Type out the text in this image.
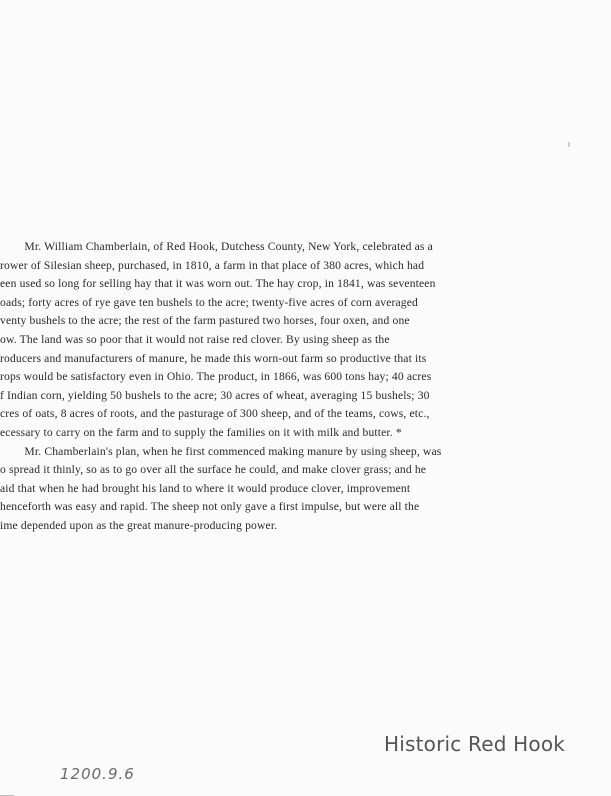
Mr. William Chamberlain, of Red Hook, Dutchess County, New York, celebrated as a
rower of Silesian sheep, purchased, in 1810, a farm in that place of 380 acres, which had
een used so long for selling hay that it was worn out. The hay crop, in 1841, was seventeen
oads; forty acres of rye gave ten bushels to the acre; twenty-five acres of corn averaged
venty bushels to the acre; the rest of the farm pastured two horses, four oxen, and one
ow. The land was so poor that it would not raise red clover. By using sheep as the
roducers and manufacturers of manure, he made this worn-out farm so productive that its
rops would be satisfactory even in Ohio. The product, in 1866, was 600 tons hay; 40 acres
f Indian corn, yielding 50 bushels to the acre; 30 acres of wheat, averaging 15 bushels; 30
cres of oats, 8 acres of roots, and the pasturage of 300 sheep, and of the teams, cows, etc.,
ecessary to carry on the farm and to supply the families on it with milk and butter. *
Mr. Chamberlain's plan, when he first commenced making manure by using sheep, was
o spread it thinly, so as to go over all the surface he could, and make clover grass; and he
aid that when he had brought his land to where it would produce clover, improvement
henceforth was easy and rapid. The sheep not only gave a first impulse, but were all the
ime depended upon as the great manure-producing power.
Historic Red Hook
1200.9.6
